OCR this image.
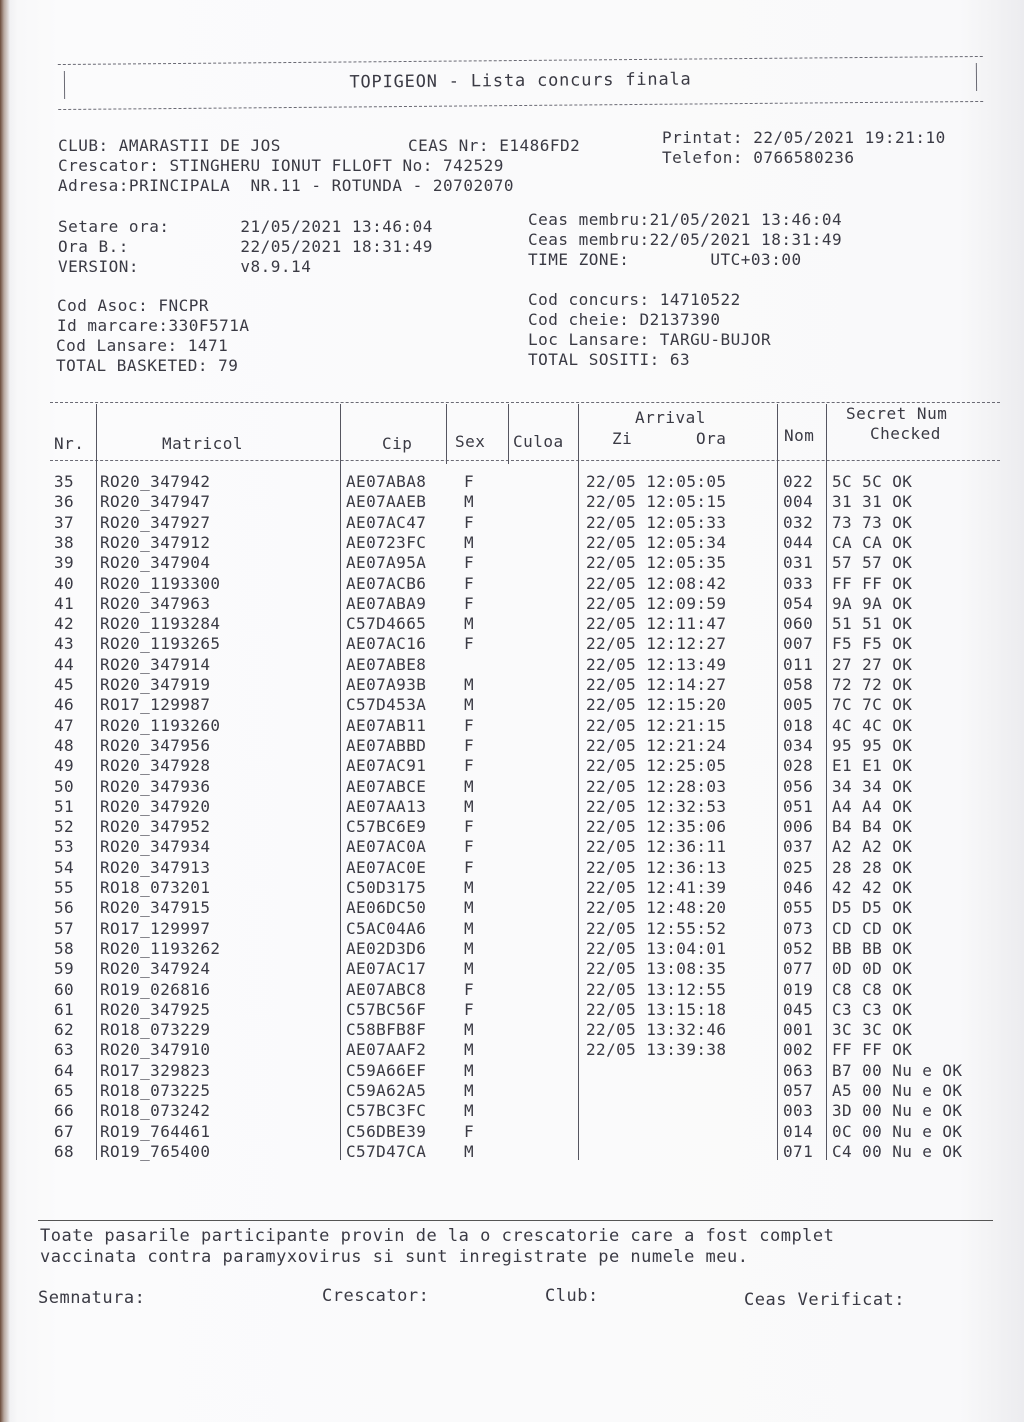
TOPIGEON - Lista concurs finala
CLUB: AMARASTII DE JOS	CEAS Nr: E1486FD2	Printat: 22/05/2021 19:21:10
Crescator: STINGHERU IONUT FLLOFT No: 742529	Telefon: 0766580236
Adresa:PRINCIPALA  NR.11 - ROTUNDA - 20702070
Setare ora:       21/05/2021 13:46:04
Ora B.:           22/05/2021 18:31:49
VERSION:          v8.9.14
Ceas membru:21/05/2021 13:46:04
Ceas membru:22/05/2021 18:31:49
TIME ZONE:        UTC+03:00
Cod Asoc: FNCPR
Id marcare:330F571A
Cod Lansare: 1471
TOTAL BASKETED: 79
Cod concurs: 14710522
Cod cheie: D2137390
Loc Lansare: TARGU-BUJOR
TOTAL SOSITI: 63
Nr.	Matricol	Cip	Sex Culoa
Arrival
Zi	Ora	Nom
Secret Num
Checked
35 RO20_347942	AE07ABA8 F	22/05 12:05:05	022 5C 5C OK
36 RO20_347947	AE07AAEB M	22/05 12:05:15	004 31 31 OK
37 RO20_347927	AE07AC47 F	22/05 12:05:33	032 73 73 OK
38 RO20_347912	AE0723FC M	22/05 12:05:34	044 CA CA OK
39 RO20_347904	AE07A95A F	22/05 12:05:35	031 57 57 OK
40 RO20_1193300	AE07ACB6 F	22/05 12:08:42	033 FF FF OK
41 RO20_347963	AE07ABA9 F	22/05 12:09:59	054 9A 9A OK
42 RO20_1193284	C57D4665 M	22/05 12:11:47	060 51 51 OK
43 RO20_1193265	AE07AC16 F	22/05 12:12:27	007 F5 F5 OK
44 RO20_347914	AE07ABE8	22/05 12:13:49	011 27 27 OK
45 RO20_347919	AE07A93B M	22/05 12:14:27	058 72 72 OK
46 RO17_129987	C57D453A M	22/05 12:15:20	005 7C 7C OK
47 RO20_1193260	AE07AB11 F	22/05 12:21:15	018 4C 4C OK
48 RO20_347956	AE07ABBD F	22/05 12:21:24	034 95 95 OK
49 RO20_347928	AE07AC91 F	22/05 12:25:05	028 E1 E1 OK
50 RO20_347936	AE07ABCE M	22/05 12:28:03	056 34 34 OK
51 RO20_347920	AE07AA13 M	22/05 12:32:53	051 A4 A4 OK
52 RO20_347952	C57BC6E9 F	22/05 12:35:06	006 B4 B4 OK
53 RO20_347934	AE07AC0A F	22/05 12:36:11	037 A2 A2 OK
54 RO20_347913	AE07AC0E F	22/05 12:36:13	025 28 28 OK
55 RO18_073201	C50D3175 M	22/05 12:41:39	046 42 42 OK
56 RO20_347915	AE06DC50 M	22/05 12:48:20	055 D5 D5 OK
57 RO17_129997	C5AC04A6 M	22/05 12:55:52	073 CD CD OK
58 RO20_1193262	AE02D3D6 M	22/05 13:04:01	052 BB BB OK
59 RO20_347924	AE07AC17 M	22/05 13:08:35	077 0D 0D OK
60 RO19_026816	AE07ABC8 F	22/05 13:12:55	019 C8 C8 OK
61 RO20_347925	C57BC56F F	22/05 13:15:18	045 C3 C3 OK
62 RO18_073229	C58BFB8F M	22/05 13:32:46	001 3C 3C OK
63 RO20_347910	AE07AAF2 M	22/05 13:39:38	002 FF FF OK
64 RO17_329823	C59A66EF M	063 B7 00 Nu e OK
65 RO18_073225	C59A62A5 M	057 A5 00 Nu e OK
66 RO18_073242	C57BC3FC M	003 3D 00 Nu e OK
67 RO19_764461	C56DBE39 F	014 0C 00 Nu e OK
68 RO19_765400	C57D47CA M	071 C4 00 Nu e OK
Toate pasarile participante provin de la o crescatorie care a fost complet
vaccinata contra paramyxovirus si sunt inregistrate pe numele meu.
Semnatura:	Crescator:	Club:	Ceas Verificat:
